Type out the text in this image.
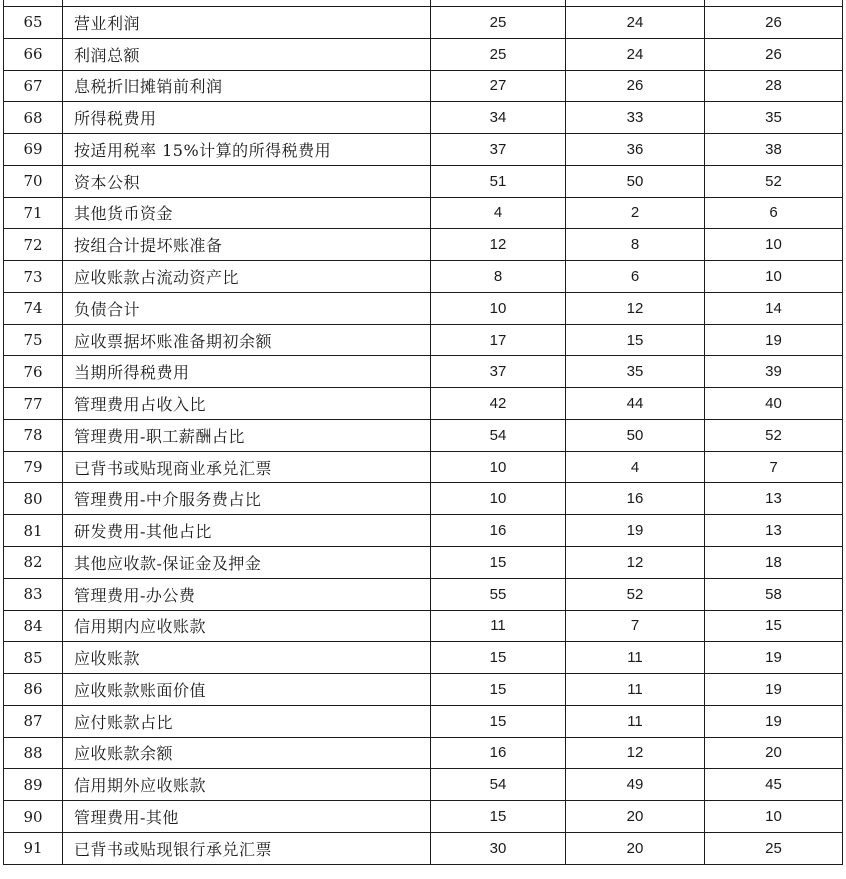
65	营业利润	25	24	26
66	利润总额	25	24	26
67	息税折旧摊销前利润	27	26	28
68	所得税费用	34	33	35
69	按适用税率 15%计算的所得税费用	37	36	38
70	资本公积	51	50	52
71	其他货币资金	4	2	6
72	按组合计提坏账准备	12	8	10
73	应收账款占流动资产比	8	6	10
74	负债合计	10	12	14
75	应收票据坏账准备期初余额	17	15	19
76	当期所得税费用	37	35	39
77	管理费用占收入比	42	44	40
78	管理费用-职工薪酬占比	54	50	52
79	已背书或贴现商业承兑汇票	10	4	7
80	管理费用-中介服务费占比	10	16	13
81	研发费用-其他占比	16	19	13
82	其他应收款-保证金及押金	15	12	18
83	管理费用-办公费	55	52	58
84	信用期内应收账款	11	7	15
85	应收账款	15	11	19
86	应收账款账面价值	15	11	19
87	应付账款占比	15	11	19
88	应收账款余额	16	12	20
89	信用期外应收账款	54	49	45
90	管理费用-其他	15	20	10
91	已背书或贴现银行承兑汇票	30	20	25
